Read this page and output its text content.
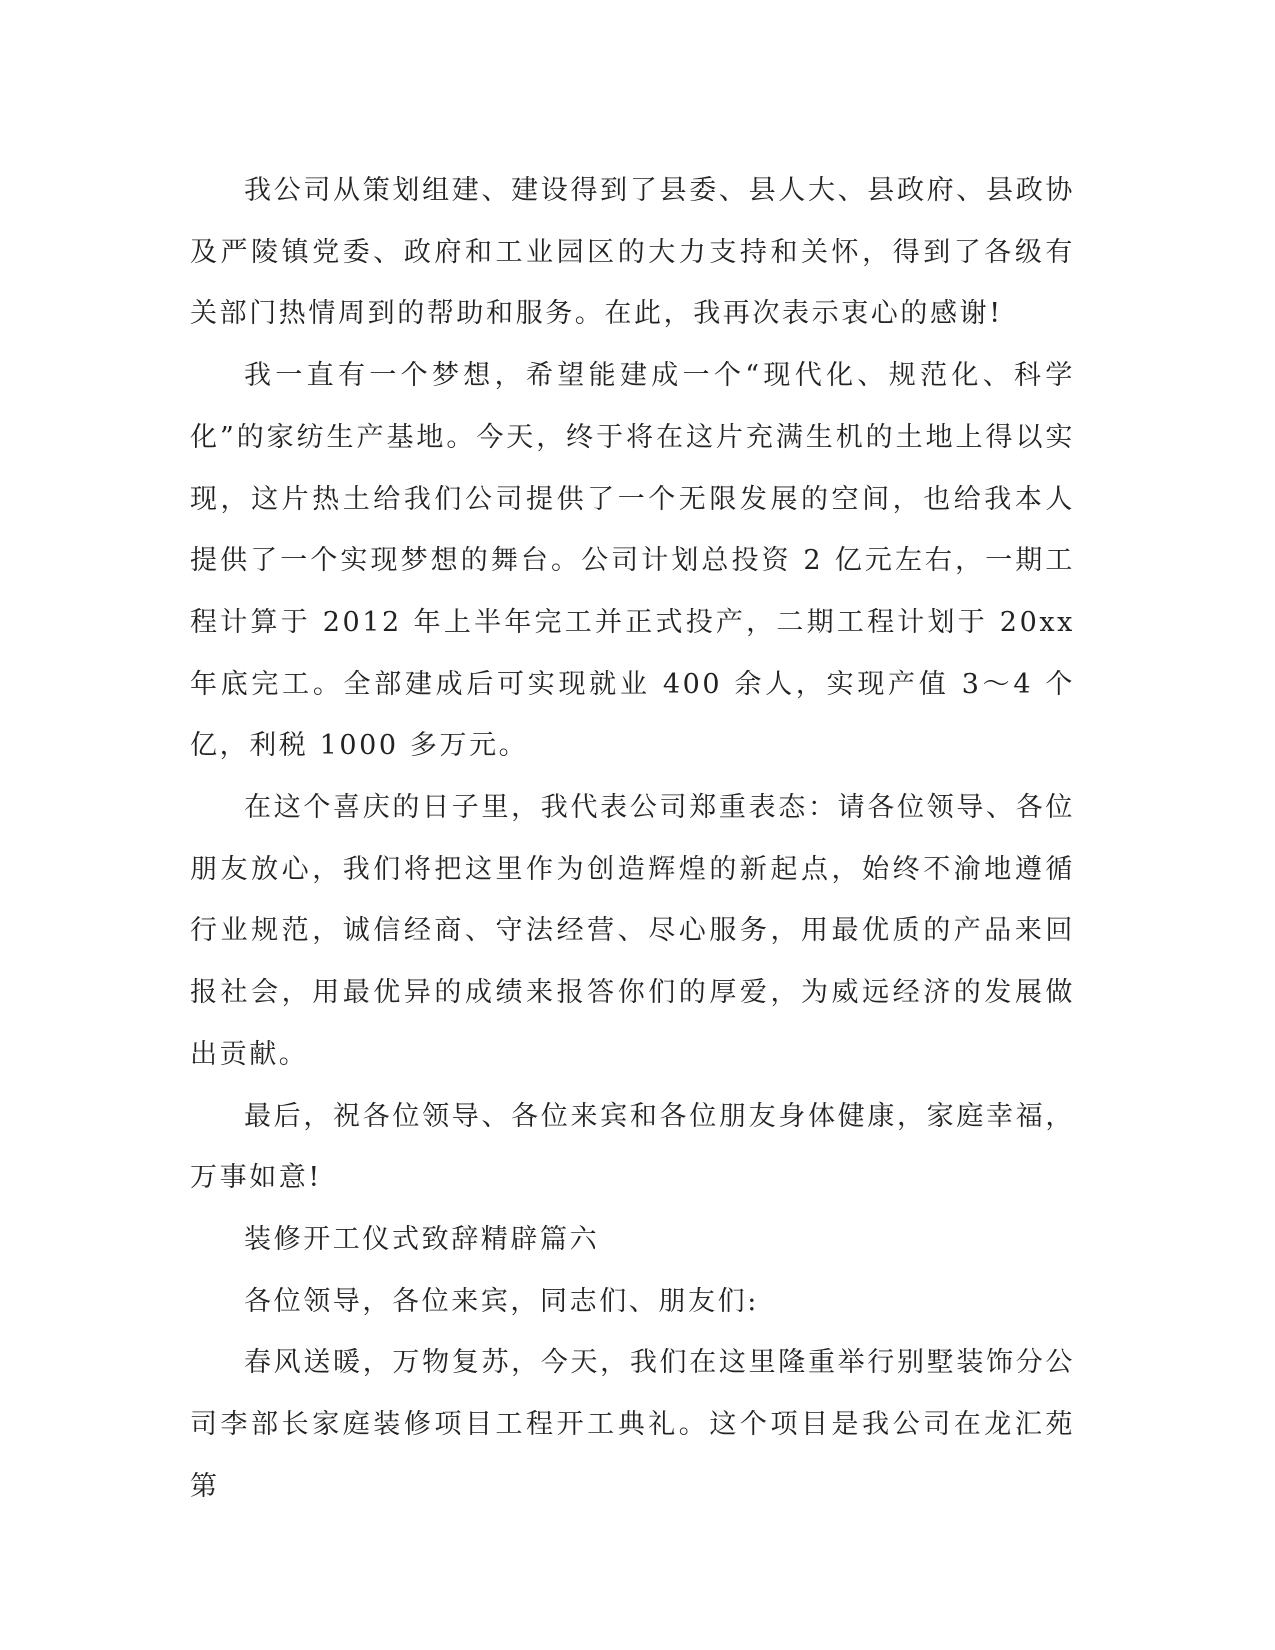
我公司从策划组建、建设得到了县委、县人大、县政府、县政协及严陵镇党委、政府和工业园区的大力支持和关怀，得到了各级有关部门热情周到的帮助和服务。在此，我再次表示衷心的感谢!

我一直有一个梦想，希望能建成一个“现代化、规范化、科学化”的家纺生产基地。今天，终于将在这片充满生机的土地上得以实现，这片热土给我们公司提供了一个无限发展的空间，也给我本人提供了一个实现梦想的舞台。公司计划总投资 2 亿元左右，一期工程计算于 2012 年上半年完工并正式投产，二期工程计划于 20xx 年底完工。全部建成后可实现就业 400 余人，实现产值 3～4 个亿，利税 1000 多万元。

在这个喜庆的日子里，我代表公司郑重表态：请各位领导、各位朋友放心，我们将把这里作为创造辉煌的新起点，始终不渝地遵循行业规范，诚信经商、守法经营、尽心服务，用最优质的产品来回报社会，用最优异的成绩来报答你们的厚爱，为威远经济的发展做出贡献。

最后，祝各位领导、各位来宾和各位朋友身体健康，家庭幸福，万事如意!

装修开工仪式致辞精辟篇六

各位领导，各位来宾，同志们、朋友们:

春风送暖，万物复苏，今天，我们在这里隆重举行别墅装饰分公司李部长家庭装修项目工程开工典礼。这个项目是我公司在龙汇苑第
